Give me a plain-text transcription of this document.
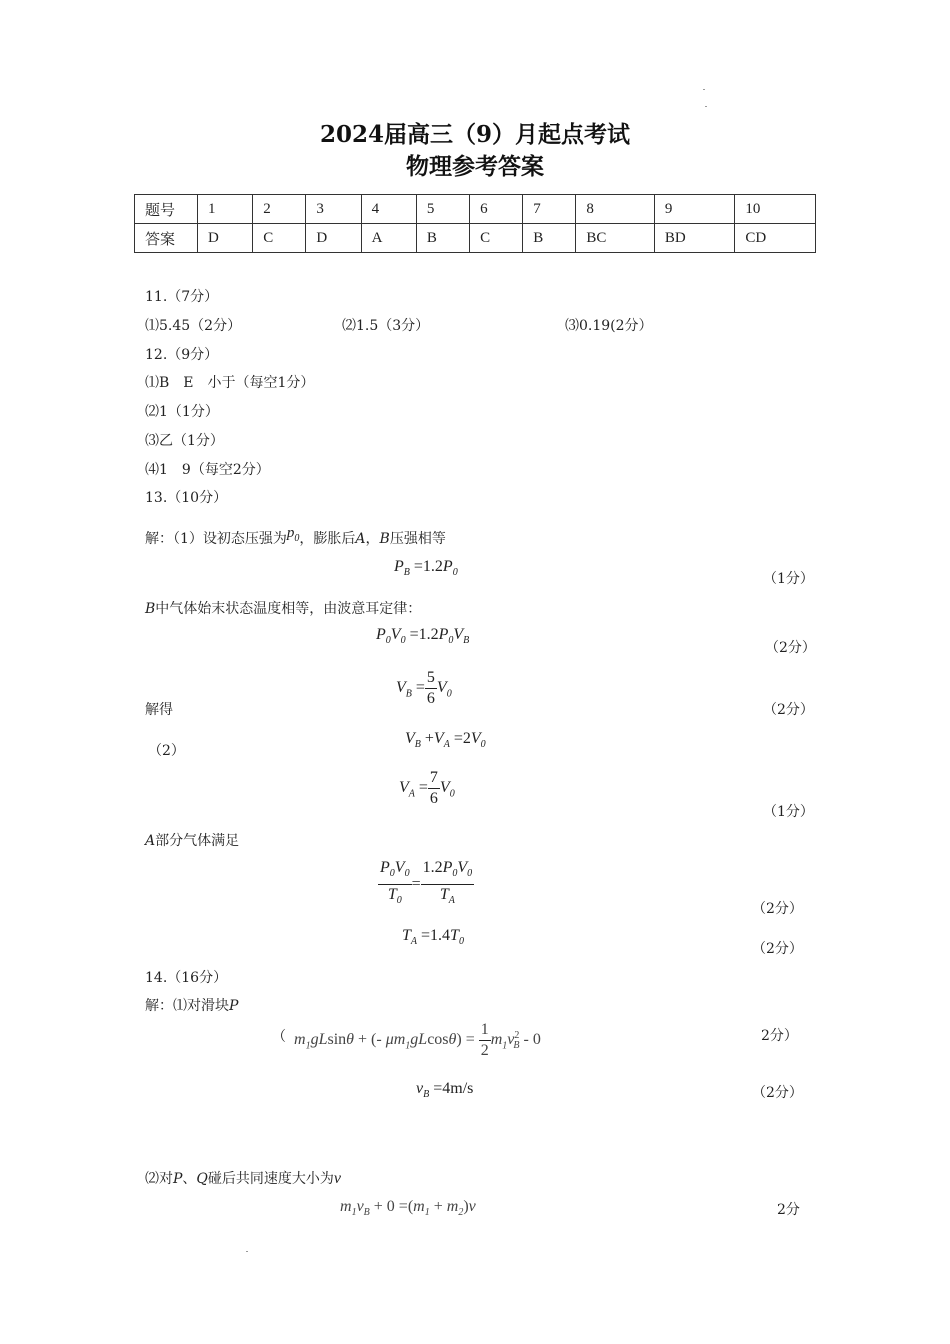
2024届高三（9）月起点考试
物理参考答案
题号	1	2	3	4	5	6	7	8	9	10
答案	D	C	D	A	B	C	B	BC	BD	CD
11.（7分）
⑴5.45（2分）	⑵1.5（3分）	⑶0.19(2分）
12.（9分）
⑴B　E　小于（每空1分）
⑵1（1分）
⑶乙（1分）
⑷1　9（每空2分）
13.（10分）
解：（1）设初态压强为$p_0$，膨胀后A，B压强相等
$P_B =1.2P_0$	（1分）
B中气体始末状态温度相等，由波意耳定律：
$P_0V_0 =1.2P_0V_B$	（2分）
$V_B = \frac{5}{6} V_0$
解得	（2分）
（2）
$V_B +V_A =2V_0$
$V_A = \frac{7}{6} V_0$
（1分）
A部分气体满足
$\frac{P_0V_0}{T_0} = \frac{1.2P_0V_0}{T_A}$	（2分）
$T_A =1.4T_0$	（2分）
14.（16分）
解：⑴对滑块P
（ $m_1gLsin\theta$ + (- $\mu m_1gLcos\theta) = \frac{1}{2} m_1v^2_B - 0$	2分）
$v_B =4m/s$	（2分）
⑵对P、Q碰后共同速度大小为v
$m_1v_B + 0 =(m_1 + m_2)v$	2分
